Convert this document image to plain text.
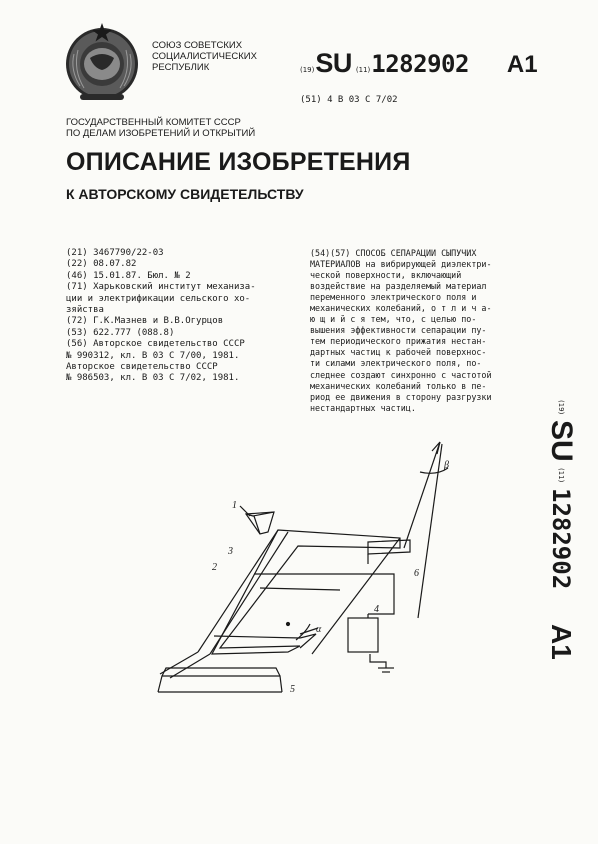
СОЮЗ СОВЕТСКИХ
СОЦИАЛИСТИЧЕСКИХ
РЕСПУБЛИК	(19) SU (11) 1282902 A1
(51) 4 В 03 С 7/02
ГОСУДАРСТВЕННЫЙ КОМИТЕТ СССР
ПО ДЕЛАМ ИЗОБРЕТЕНИЙ И ОТКРЫТИЙ
ОПИСАНИЕ ИЗОБРЕТЕНИЯ
К АВТОРСКОМУ СВИДЕТЕЛЬСТВУ
(21) 3467790/22-03
(22) 08.07.82
(46) 15.01.87. Бюл. № 2
(71) Харьковский институт механиза-
ции и электрификации сельского хо-
зяйства
(72) Г.К.Мазнев и В.В.Огурцов
(53) 622.777 (088.8)
(56) Авторское свидетельство СССР
№ 990312, кл. В 03 С 7/00, 1981.
Авторское свидетельство СССР
№ 986503, кл. В 03 С 7/02, 1981.
(54)(57) СПОСОБ СЕПАРАЦИИ СЫПУЧИХ
МАТЕРИАЛОВ на вибрирующей диэлектри-
ческой поверхности, включающий
воздействие на разделяемый материал
переменного электрического поля и
механических колебаний, о т л и ч а-
ю щ и й с я тем, что, с целью по-
вышения эффективности сепарации пу-
тем периодического прижатия нестан-
дартных частиц к рабочей поверхнос-
ти силами электрического поля, по-
следнее создают синхронно с частотой
механических колебаний только в пе-
риод ее движения в сторону разгрузки
нестандартных частиц.	(19)
SU
(11)
1282902
A1
1
2
3
4
5
6
α
β
